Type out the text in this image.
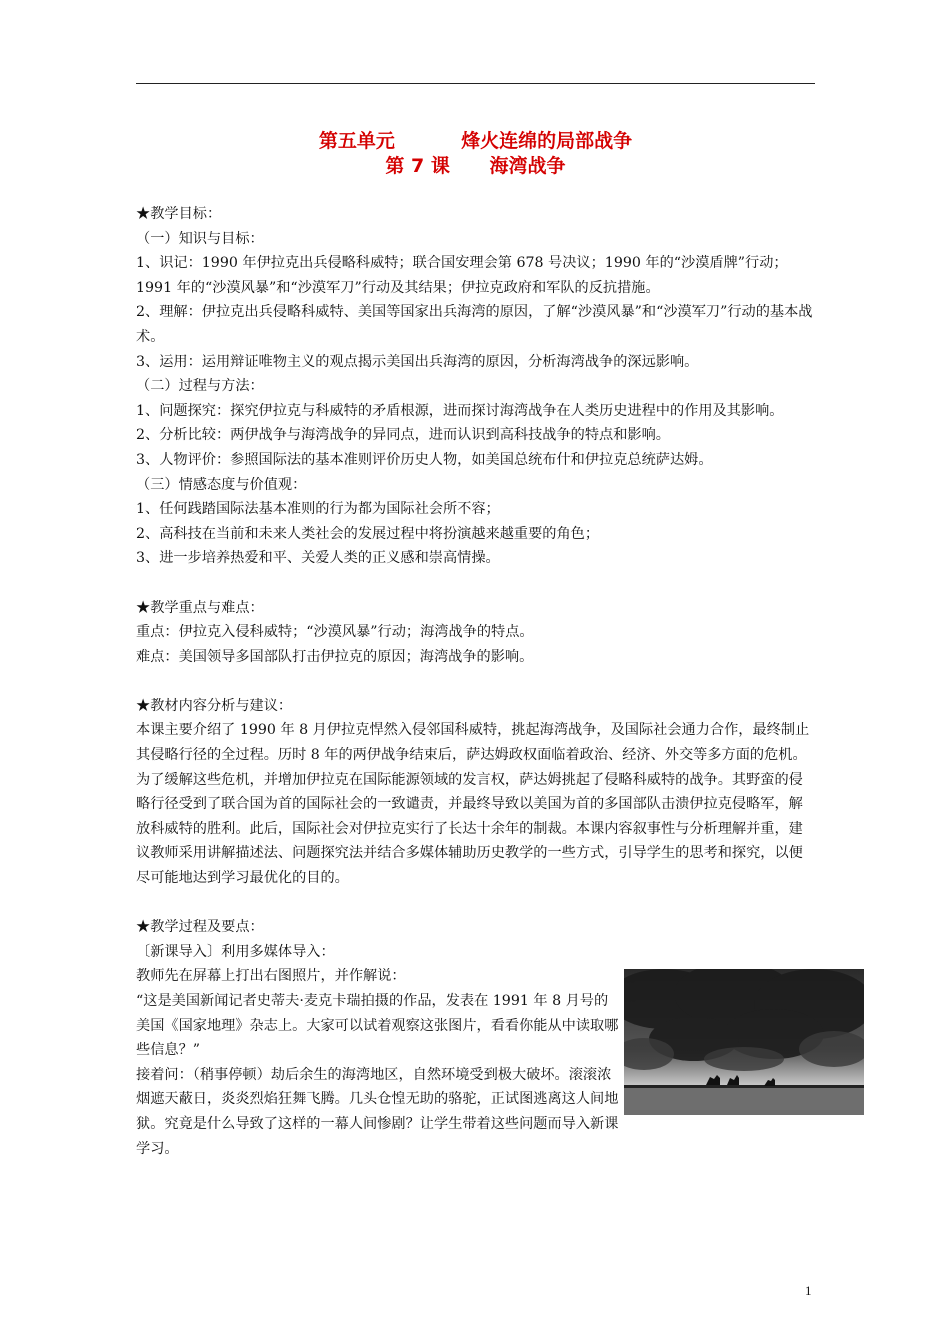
第五单元          烽火连绵的局部战争
第 7 课      海湾战争

★教学目标：

（一）知识与目标：

1、识记：1990 年伊拉克出兵侵略科威特；联合国安理会第 678 号决议；1990 年的“沙漠盾牌”行动；1991 年的“沙漠风暴”和“沙漠军刀”行动及其结果；伊拉克政府和军队的反抗措施。

2、理解：伊拉克出兵侵略科威特、美国等国家出兵海湾的原因，了解“沙漠风暴”和“沙漠军刀”行动的基本战术。

3、运用：运用辩证唯物主义的观点揭示美国出兵海湾的原因，分析海湾战争的深远影响。

（二）过程与方法：

1、问题探究：探究伊拉克与科威特的矛盾根源，进而探讨海湾战争在人类历史进程中的作用及其影响。

2、分析比较：两伊战争与海湾战争的异同点，进而认识到高科技战争的特点和影响。

3、人物评价：参照国际法的基本准则评价历史人物，如美国总统布什和伊拉克总统萨达姆。

（三）情感态度与价值观：

1、任何践踏国际法基本准则的行为都为国际社会所不容；

2、高科技在当前和未来人类社会的发展过程中将扮演越来越重要的角色；

3、进一步培养热爱和平、关爱人类的正义感和崇高情操。

★教学重点与难点：

重点：伊拉克入侵科威特；“沙漠风暴”行动；海湾战争的特点。

难点：美国领导多国部队打击伊拉克的原因；海湾战争的影响。

★教材内容分析与建议：

本课主要介绍了 1990 年 8 月伊拉克悍然入侵邻国科威特，挑起海湾战争，及国际社会通力合作，最终制止其侵略行径的全过程。历时 8 年的两伊战争结束后，萨达姆政权面临着政治、经济、外交等多方面的危机。为了缓解这些危机，并增加伊拉克在国际能源领域的发言权，萨达姆挑起了侵略科威特的战争。其野蛮的侵略行径受到了联合国为首的国际社会的一致谴责，并最终导致以美国为首的多国部队击溃伊拉克侵略军，解放科威特的胜利。此后，国际社会对伊拉克实行了长达十余年的制裁。本课内容叙事性与分析理解并重，建议教师采用讲解描述法、问题探究法并结合多媒体辅助历史教学的一些方式，引导学生的思考和探究，以便尽可能地达到学习最优化的目的。

★教学过程及要点：

〔新课导入〕利用多媒体导入：

教师先在屏幕上打出右图照片，并作解说：

“这是美国新闻记者史蒂夫·麦克卡瑞拍摄的作品，发表在 1991 年 8 月号的美国《国家地理》杂志上。大家可以试着观察这张图片，看看你能从中读取哪些信息？”

接着问：（稍事停顿）劫后余生的海湾地区，自然环境受到极大破坏。滚滚浓烟遮天蔽日，炎炎烈焰狂舞飞腾。几头仓惶无助的骆驼，正试图逃离这人间地狱。究竟是什么导致了这样的一幕人间惨剧？让学生带着这些问题而导入新课学习。

1
